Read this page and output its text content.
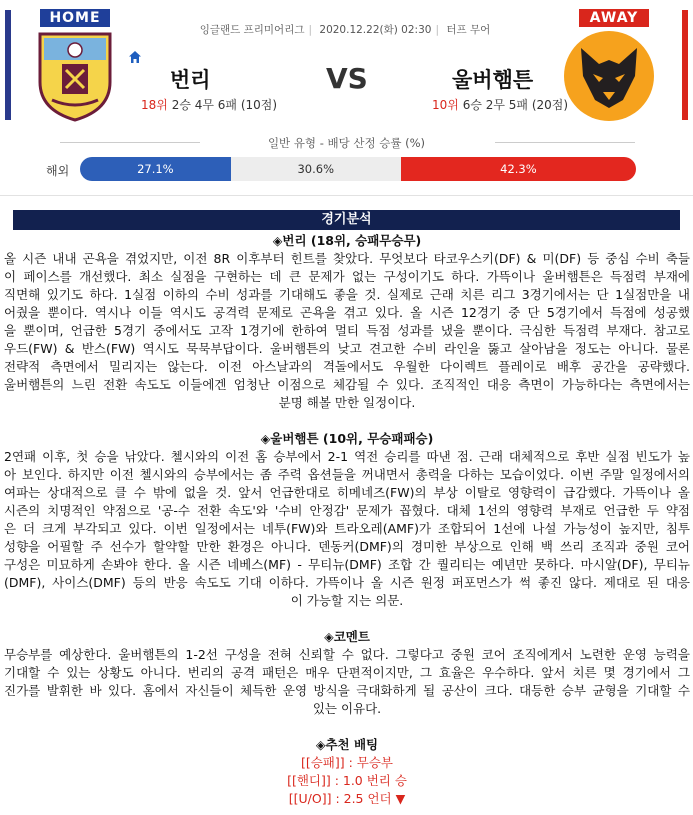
HOME	AWAY
잉글랜드 프리미어리그 | 2020.12.22(화) 02:30 | 터프 무어
번리	VS	울버햄튼
18위 2승 4무 6패 (10점)	10위 6승 2무 5패 (20점)
일반 유형 - 배당 산정 승률 (%)
해외	27.1%	30.6%	42.3%
경기분석
◈번리 (18위, 승패무승무)
올 시즌 내내 곤욕을 겪었지만, 이전 8R 이후부터 힌트를 찾았다. 무엇보다 타코우스키(DF) & 미(DF) 등 중심 수비 축들
이 페이스를 개선했다. 최소 실점을 구현하는 데 큰 문제가 없는 구성이기도 하다. 가뜩이나 울버햄튼은 득점력 부재에
직면해 있기도 하다. 1실점 이하의 수비 성과를 기대해도 좋을 것. 실제로 근래 치른 리그 3경기에서는 단 1실점만을 내
어줬을 뿐이다. 역시나 이들 역시도 공격력 문제로 곤욕을 겪고 있다. 올 시즌 12경기 중 단 5경기에서 득점에 성공했
을 뿐이며, 언급한 5경기 중에서도 고작 1경기에 한하여 멀티 득점 성과를 냈을 뿐이다. 극심한 득점력 부재다. 참고로
우드(FW) & 반스(FW) 역시도 묵묵부답이다. 울버햄튼의 낮고 견고한 수비 라인을 뚫고 살아남을 정도는 아니다. 물론
전략적 측면에서 밀리지는 않는다. 이전 아스날과의 격돌에서도 우월한 다이렉트 플레이로 배후 공간을 공략했다.
울버햄튼의 느린 전환 속도도 이들에겐 엄청난 이점으로 체감될 수 있다. 조직적인 대응 측면이 가능하다는 측면에서는
분명 해볼 만한 일정이다.
◈울버햄튼 (10위, 무승패패승)
2연패 이후, 첫 승을 낚았다. 첼시와의 이전 홈 승부에서 2-1 역전 승리를 따낸 점. 근래 대체적으로 후반 실점 빈도가 높
아 보인다. 하지만 이전 첼시와의 승부에서는 좀 주력 옵션들을 꺼내면서 총력을 다하는 모습이었다. 이번 주말 일정에서의
여파는 상대적으로 클 수 밖에 없을 것. 앞서 언급한대로 히메네즈(FW)의 부상 이탈로 영향력이 급감했다. 가뜩이나 올
시즌의 치명적인 약점으로 '공-수 전환 속도'와 '수비 안정감' 문제가 꼽혔다. 대체 1선의 영향력 부재로 언급한 두 약점
은 더 크게 부각되고 있다. 이번 일정에서는 네투(FW)와 트라오레(AMF)가 조합되어 1선에 나설 가능성이 높지만, 침투
성향을 어필할 주 선수가 할약할 만한 환경은 아니다. 덴동커(DMF)의 경미한 부상으로 인해 백 쓰리 조직과 중원 코어
구성은 미묘하게 손봐야 한다. 올 시즌 네베스(MF) - 무티뉴(DMF) 조합 간 퀄리티는 예년만 못하다. 마시알(DF), 무티뉴
(DMF), 사이스(DMF) 등의 반응 속도도 기대 이하다. 가뜩이나 올 시즌 원정 퍼포먼스가 썩 좋진 않다. 제대로 된 대응
이 가능할 지는 의문.
◈코멘트
무승부를 예상한다. 울버햄튼의 1-2선 구성을 전혀 신뢰할 수 없다. 그렇다고 중원 코어 조직에게서 노련한 운영 능력을
기대할 수 있는 상황도 아니다. 번리의 공격 패턴은 매우 단편적이지만, 그 효율은 우수하다. 앞서 치른 몇 경기에서 그
진가를 발휘한 바 있다. 홈에서 자신들이 체득한 운영 방식을 극대화하게 될 공산이 크다. 대등한 승부 균형을 기대할 수
있는 이유다.
◈추천 배팅
[[승패]] : 무승부
[[핸디]] : 1.0 번리 승
[[U/O]] : 2.5 언더 ▼
